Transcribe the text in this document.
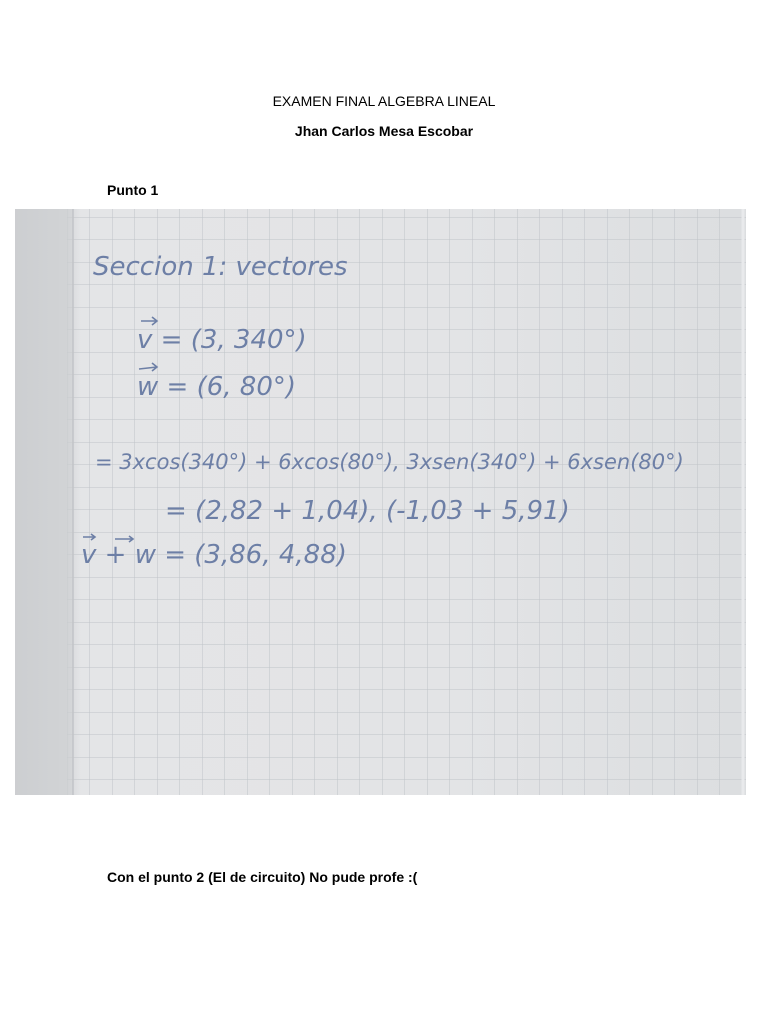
EXAMEN FINAL ALGEBRA LINEAL
Jhan Carlos Mesa Escobar
Punto 1
Seccion 1: vectores
v = (3, 340°)
w = (6, 80°)
= 3xcos(340°) + 6xcos(80°), 3xsen(340°) + 6xsen(80°)
= (2,82 + 1,04), (-1,03 + 5,91)
v + w = (3,86, 4,88)
Con el punto 2 (El de circuito) No pude profe :(
